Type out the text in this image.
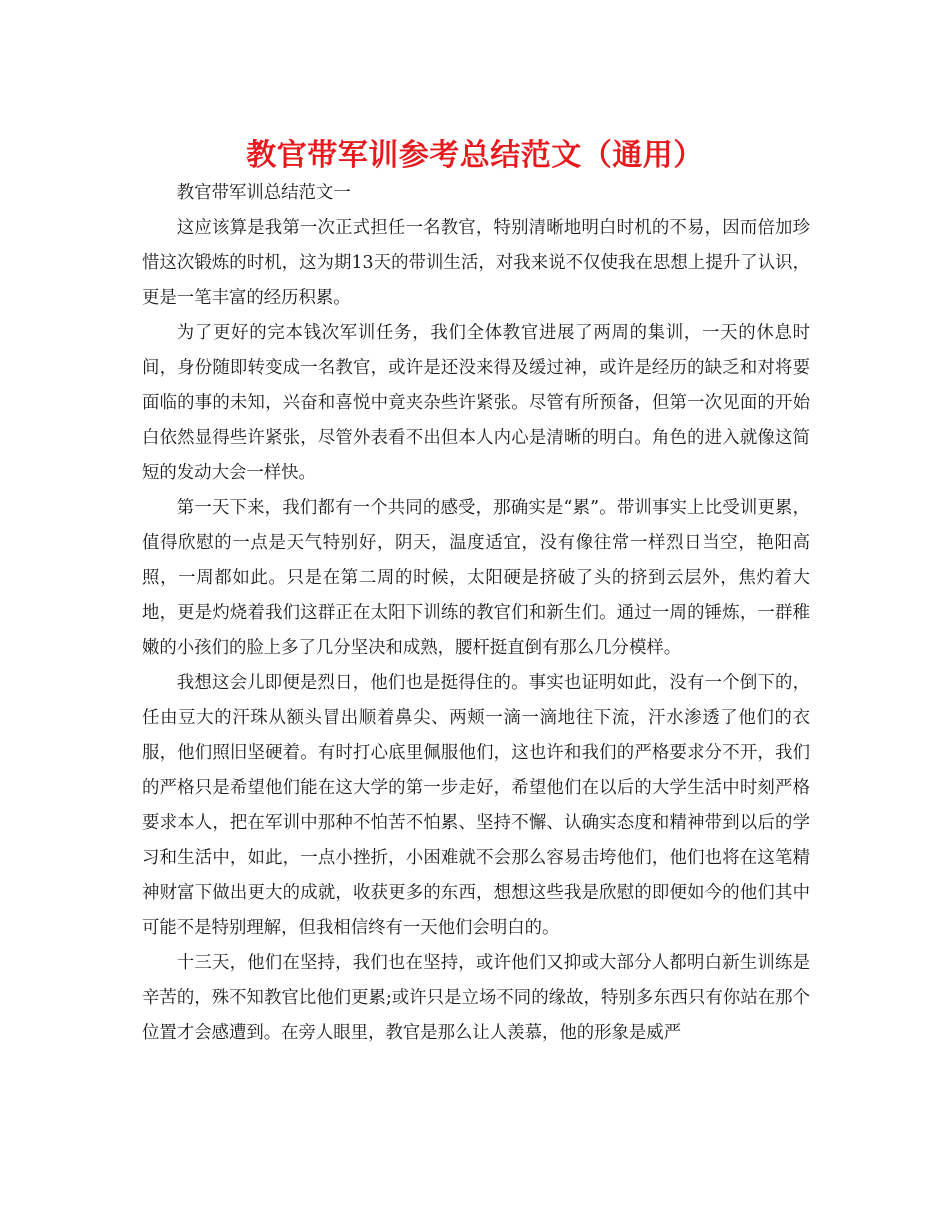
教官带军训参考总结范文（通用）

教官带军训总结范文一

这应该算是我第一次正式担任一名教官，特别清晰地明白时机的不易，因而倍加珍惜这次锻炼的时机，这为期13天的带训生活，对我来说不仅使我在思想上提升了认识，更是一笔丰富的经历积累。

为了更好的完本钱次军训任务，我们全体教官进展了两周的集训，一天的休息时间，身份随即转变成一名教官，或许是还没来得及缓过神，或许是经历的缺乏和对将要面临的事的未知，兴奋和喜悦中竟夹杂些许紧张。尽管有所预备，但第一次见面的开始白依然显得些许紧张，尽管外表看不出但本人内心是清晰的明白。角色的进入就像这简短的发动大会一样快。

第一天下来，我们都有一个共同的感受，那确实是“累”。带训事实上比受训更累，值得欣慰的一点是天气特别好，阴天，温度适宜，没有像往常一样烈日当空，艳阳高照，一周都如此。只是在第二周的时候，太阳硬是挤破了头的挤到云层外，焦灼着大地，更是灼烧着我们这群正在太阳下训练的教官们和新生们。通过一周的锤炼，一群稚嫩的小孩们的脸上多了几分坚决和成熟，腰杆挺直倒有那么几分模样。

我想这会儿即便是烈日，他们也是挺得住的。事实也证明如此，没有一个倒下的，任由豆大的汗珠从额头冒出顺着鼻尖、两颊一滴一滴地往下流，汗水渗透了他们的衣服，他们照旧坚硬着。有时打心底里佩服他们，这也许和我们的严格要求分不开，我们的严格只是希望他们能在这大学的第一步走好，希望他们在以后的大学生活中时刻严格要求本人，把在军训中那种不怕苦不怕累、坚持不懈、认确实态度和精神带到以后的学习和生活中，如此，一点小挫折，小困难就不会那么容易击垮他们，他们也将在这笔精神财富下做出更大的成就，收获更多的东西，想想这些我是欣慰的即便如今的他们其中可能不是特别理解，但我相信终有一天他们会明白的。

十三天，他们在坚持，我们也在坚持，或许他们又抑或大部分人都明白新生训练是辛苦的，殊不知教官比他们更累;或许只是立场不同的缘故，特别多东西只有你站在那个位置才会感遭到。在旁人眼里，教官是那么让人羡慕，他的形象是威严
